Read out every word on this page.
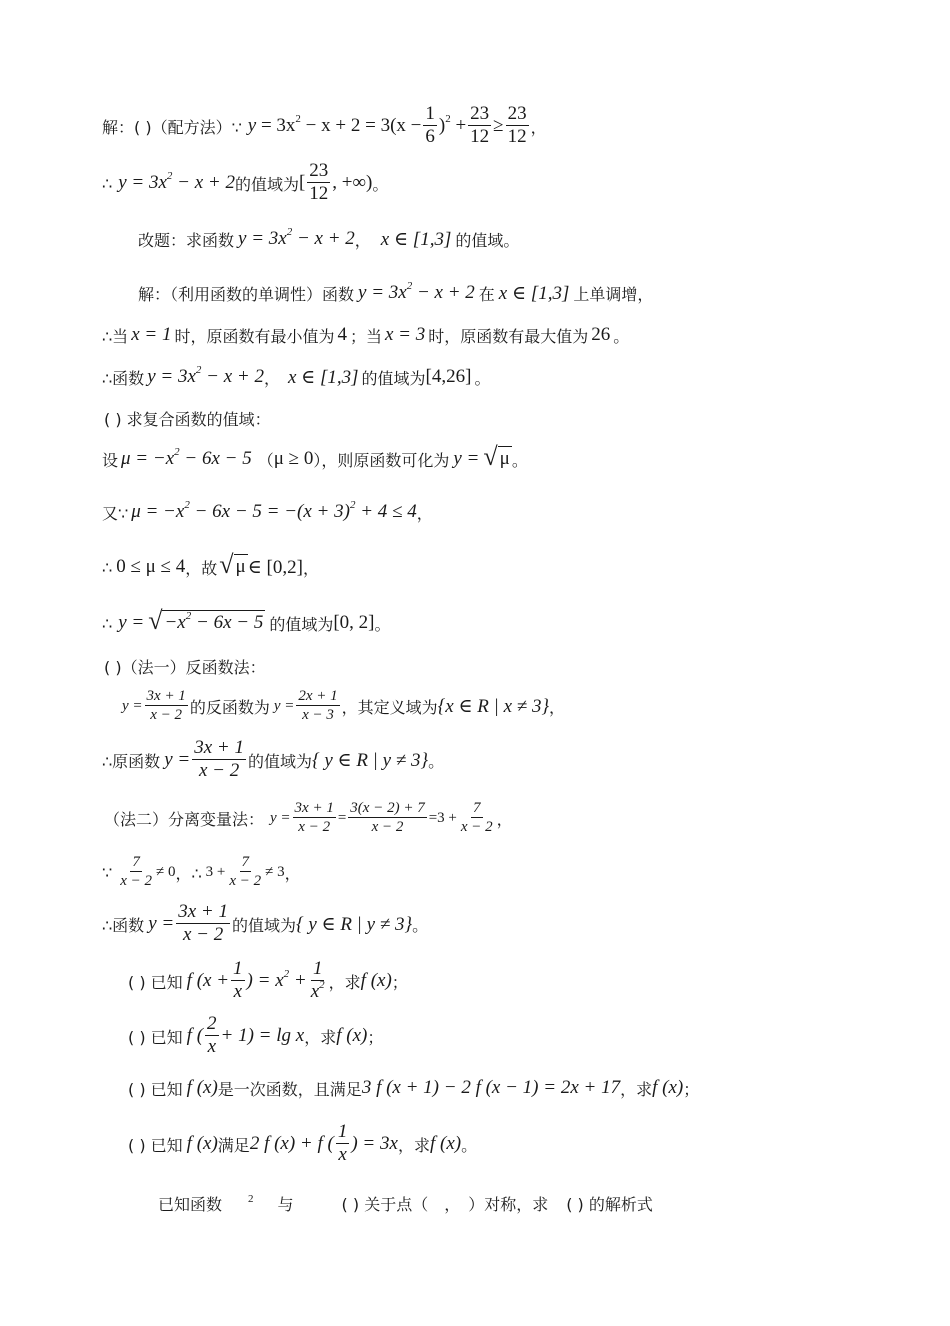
解：( )（配方法）∵ $y = 3x^2 - x + 2 = 3(x - \frac{1}{6} )^2 + \frac{23}{12} \ge \frac{23}{12}$ ，
∴ $y = 3x^2 - x + 2$ 的值域为 [ $\frac{23}{12}$ , +∞) 。
改题：求函数 $y = 3x^2 - x + 2$ ， x ∈ [1,3] 的值域。
解：（利用函数的单调性）函数 $y = 3x^2 - x + 2$ 在 x ∈ [1,3] 上单调增，
∴当 x = 1 时，原函数有最小值为 4 ；当 x = 3 时，原函数有最大值为 26 。
∴函数 $y = 3x^2 - x + 2$ ， x ∈ [1,3] 的值域为 [4,26] 。
( ) 求复合函数的值域：
设 $\mu = -x^2 - 6x - 5$ （ μ ≥ 0 ），则原函数可化为 y = √ μ 。
又∵ $\mu = -x^2 - 6x - 5 = -(x + 3)^2 + 4 \le 4$ ，
∴ 0 ≤ μ ≤ 4 ，故 √ μ ∈ [0,2] ，
∴ y = √ $-x^2 - 6x - 5$ 的值域为 [0, 2] 。
( )（法一）反函数法：
$y = \frac{3x + 1}{x - 2}$ 的反函数为 $y = \frac{2x + 1}{x - 3}$ ，其定义域为 {x ∈ R | x ≠ 3} ，
∴原函数 $y = \frac{3x + 1}{x - 2}$ 的值域为 { y ∈ R | y ≠ 3} 。
（法二）分离变量法： $y = \frac{3x + 1}{x - 2} = \frac{3(x - 2) + 7}{x - 2} = 3 + \frac{7}{x - 2}$ ，
∵ $\frac{7}{x - 2} \ne 0$ ，∴ $3 + \frac{7}{x - 2} \ne 3$ ，
∴函数 $y = \frac{3x + 1}{x - 2}$ 的值域为 { y ∈ R | y ≠ 3} 。
( ) 已知 f ($x + \frac{1}{x}$ ) = $x^2 + \frac{1}{x^2}$ ，求 f (x) ；
( ) 已知 f ( $\frac{2}{x} + 1) = \lg x$ ，求 f (x) ；
( ) 已知 f (x) 是一次函数，且满足 3 f (x + 1) − 2 f (x − 1) = 2x + 17 ，求 f (x) ；
( ) 已知 f (x) 满足 2 f (x) + f ( $\frac{1}{x}$ ) = 3x ，求 f (x) 。
已知函数 2 与	( ) 关于点（　，　）对称，求 ( ) 的解析式
